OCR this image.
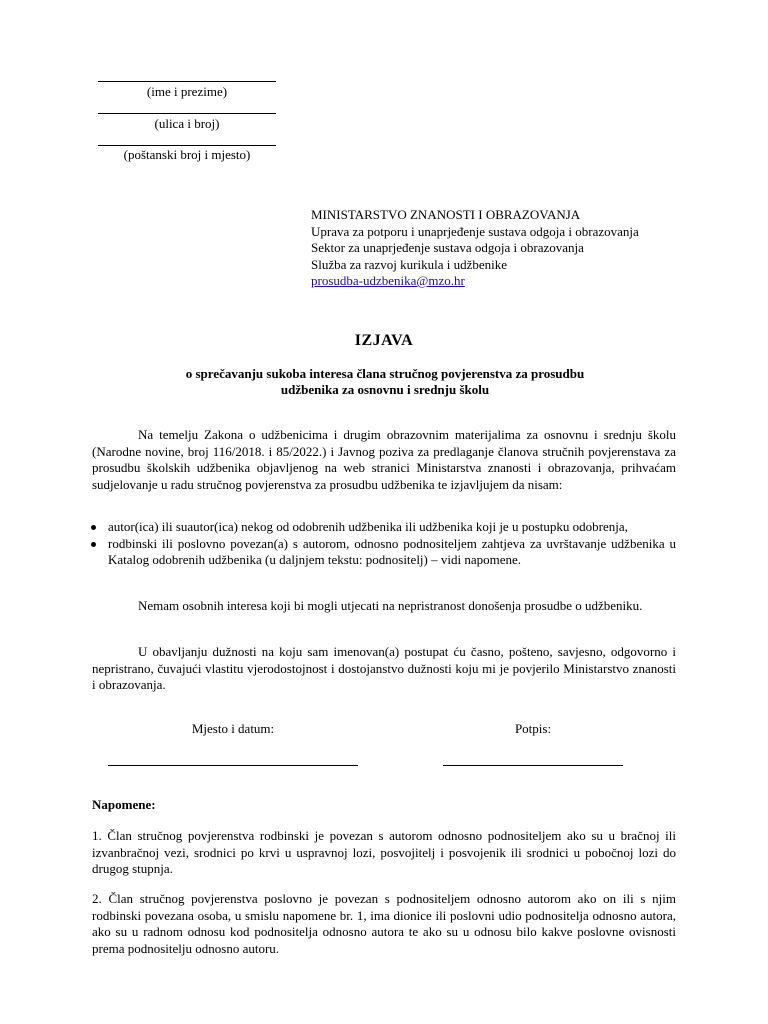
(ime i prezime)
(ulica i broj)
(poštanski broj i mjesto)
MINISTARSTVO ZNANOSTI I OBRAZOVANJA
Uprava za potporu i unaprjeđenje sustava odgoja i obrazovanja
Sektor za unaprjeđenje sustava odgoja i obrazovanja
Služba za razvoj kurikula i udžbenike
prosudba-udzbenika@mzo.hr
IZJAVA
o sprečavanju sukoba interesa člana stručnog povjerenstva za prosudbu
udžbenika za osnovnu i srednju školu
Na temelju Zakona o udžbenicima i drugim obrazovnim materijalima za osnovnu i srednju školu (Narodne novine, broj 116/2018. i 85/2022.) i Javnog poziva za predlaganje članova stručnih povjerenstava za prosudbu školskih udžbenika objavljenog na web stranici Ministarstva znanosti i obrazovanja, prihvaćam sudjelovanje u radu stručnog povjerenstva za prosudbu udžbenika te izjavljujem da nisam:
autor(ica) ili suautor(ica) nekog od odobrenih udžbenika ili udžbenika koji je u postupku odobrenja,
rodbinski ili poslovno povezan(a) s autorom, odnosno podnositeljem zahtjeva za uvrštavanje udžbenika u Katalog odobrenih udžbenika (u daljnjem tekstu: podnositelj) – vidi napomene.
Nemam osobnih interesa koji bi mogli utjecati na nepristranost donošenja prosudbe o udžbeniku.
U obavljanju dužnosti na koju sam imenovan(a) postupat ću časno, pošteno, savjesno, odgovorno i nepristrano, čuvajući vlastitu vjerodostojnost i dostojanstvo dužnosti koju mi je povjerilo Ministarstvo znanosti i obrazovanja.
Mjesto i datum:	Potpis:
Napomene:
1. Član stručnog povjerenstva rodbinski je povezan s autorom odnosno podnositeljem ako su u bračnoj ili izvanbračnoj vezi, srodnici po krvi u uspravnoj lozi, posvojitelj i posvojenik ili srodnici u pobočnoj lozi do drugog stupnja.
2. Član stručnog povjerenstva poslovno je povezan s podnositeljem odnosno autorom ako on ili s njim rodbinski povezana osoba, u smislu napomene br. 1, ima dionice ili poslovni udio podnositelja odnosno autora, ako su u radnom odnosu kod podnositelja odnosno autora te ako su u odnosu bilo kakve poslovne ovisnosti prema podnositelju odnosno autoru.
